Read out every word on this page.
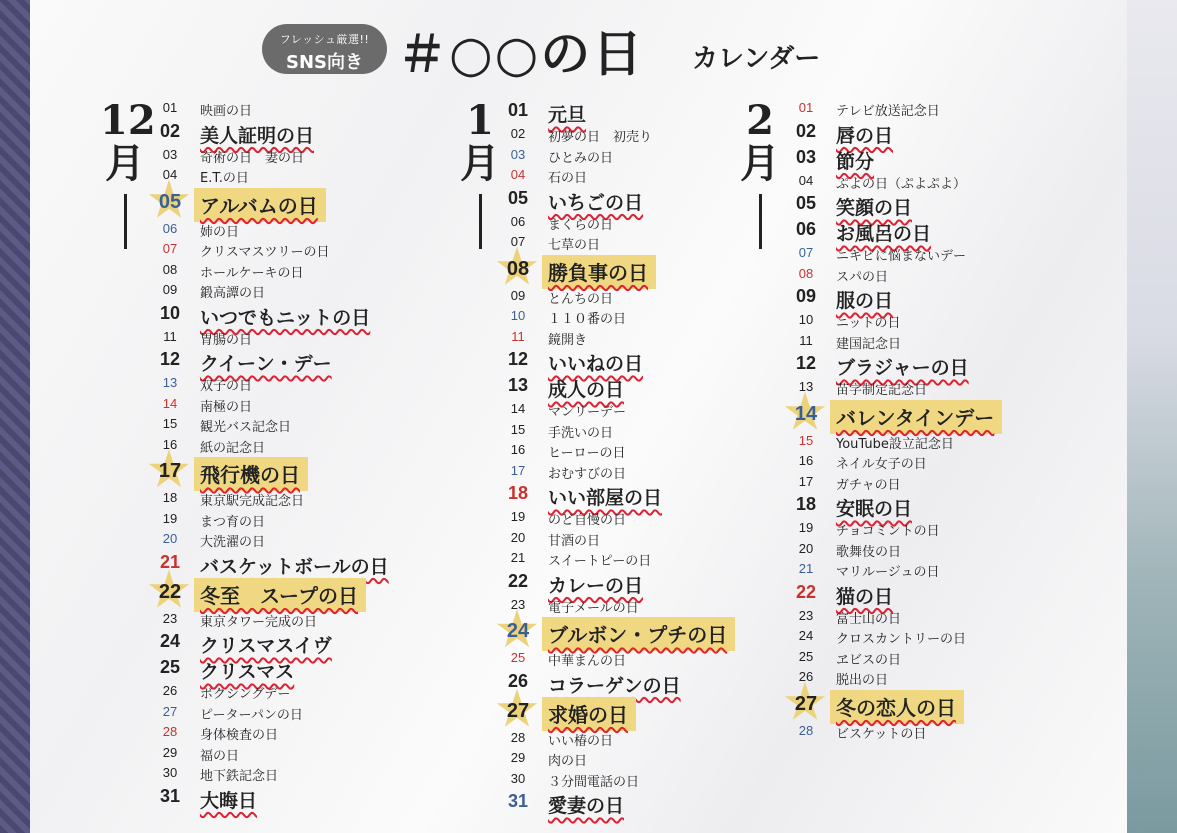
フレッシュ厳選!!
SNS向き ＃○○の日 カレンダー
12
月
01	映画の日
02	美人証明の日
03	奇術の日　妻の日
04	E.T.の日
05 アルバムの日
06	姉の日
07	クリスマスツリーの日
08	ホールケーキの日
09	鍛高譚の日
10	いつでもニットの日
11	胃腸の日
12	クイーン・デー
13	双子の日
14	南極の日
15	観光バス記念日
16	紙の記念日
17 飛行機の日
18	東京駅完成記念日
19	まつ育の日
20	大洗濯の日
21	バスケットボールの日
22 冬至　スープの日
23	東京タワー完成の日
24	クリスマスイヴ
25	クリスマス
26	ボクシングデー
27	ピーターパンの日
28	身体検査の日
29	福の日
30	地下鉄記念日
31	大晦日
1
月
01	元旦
02	初夢の日　初売り
03	ひとみの日
04	石の日
05	いちごの日
06	まくらの日
07	七草の日
08 勝負事の日
09	とんちの日
10	１１０番の日
11	鏡開き
12	いいねの日
13	成人の日
14	マンリーデー
15	手洗いの日
16	ヒーローの日
17	おむすびの日
18	いい部屋の日
19	のど自慢の日
20	甘酒の日
21	スイートピーの日
22	カレーの日
23	電子メールの日
24 ブルボン・プチの日
25	中華まんの日
26	コラーゲンの日
27 求婚の日
28	いい椿の日
29	肉の日
30	３分間電話の日
31	愛妻の日
2
月
01	テレビ放送記念日
02	唇の日
03	節分
04	ぷよの日（ぷよぷよ）
05	笑顔の日
06	お風呂の日
07	ニキビに悩まないデー
08	スパの日
09	服の日
10	ニットの日
11	建国記念日
12	ブラジャーの日
13	苗字制定記念日
14 バレンタインデー
15	YouTube設立記念日
16	ネイル女子の日
17	ガチャの日
18	安眠の日
19	チョコミントの日
20	歌舞伎の日
21	マリルージュの日
22	猫の日
23	富士山の日
24	クロスカントリーの日
25	ヱビスの日
26	脱出の日
27 冬の恋人の日
28	ビスケットの日
